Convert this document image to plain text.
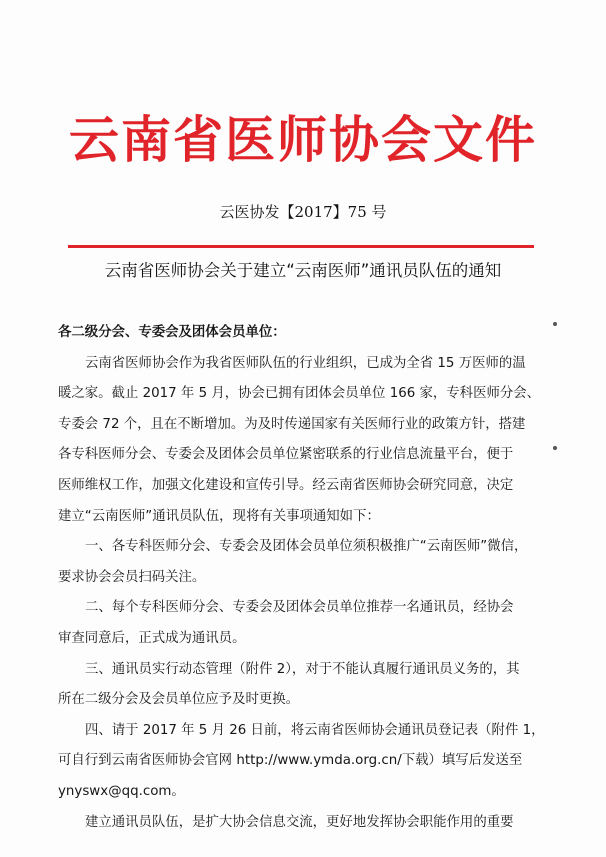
云南省医师协会文件
云医协发【2017】75 号
云南省医师协会关于建立“云南医师”通讯员队伍的通知

各二级分会、专委会及团体会员单位：

云南省医师协会作为我省医师队伍的行业组织，已成为全省 15 万医师的温

暖之家。截止 2017 年 5 月，协会已拥有团体会员单位 166 家，专科医师分会、

专委会 72 个，且在不断增加。为及时传递国家有关医师行业的政策方针，搭建

各专科医师分会、专委会及团体会员单位紧密联系的行业信息流量平台，便于

医师维权工作，加强文化建设和宣传引导。经云南省医师协会研究同意，决定

建立“云南医师”通讯员队伍，现将有关事项通知如下：

一、各专科医师分会、专委会及团体会员单位须积极推广“云南医师”微信，

要求协会会员扫码关注。

二、每个专科医师分会、专委会及团体会员单位推荐一名通讯员，经协会

审查同意后，正式成为通讯员。

三、通讯员实行动态管理（附件 2），对于不能认真履行通讯员义务的，其

所在二级分会及会员单位应予及时更换。

四、请于 2017 年 5 月 26 日前，将云南省医师协会通讯员登记表（附件 1，

可自行到云南省医师协会官网 http://www.ymda.org.cn/下载）填写后发送至

ynyswx@qq.com。

建立通讯员队伍，是扩大协会信息交流，更好地发挥协会职能作用的重要
